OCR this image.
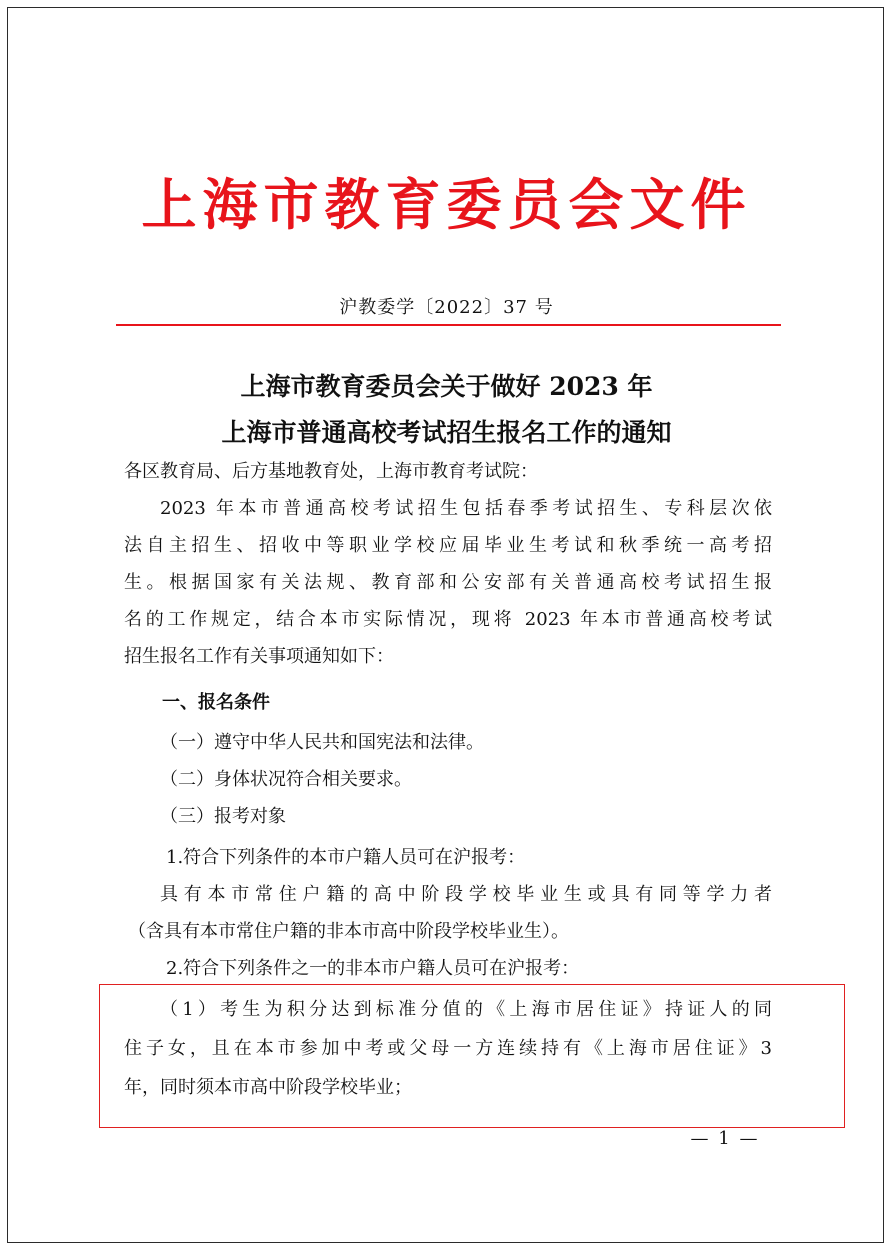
上海市教育委员会文件
沪教委学〔2022〕37 号
上海市教育委员会关于做好 2023 年
上海市普通高校考试招生报名工作的通知
各区教育局、后方基地教育处，上海市教育考试院：
2023 年本市普通高校考试招生包括春季考试招生、专科层次依
法自主招生、招收中等职业学校应届毕业生考试和秋季统一高考招
生。根据国家有关法规、教育部和公安部有关普通高校考试招生报
名的工作规定，结合本市实际情况，现将 2023 年本市普通高校考试
招生报名工作有关事项通知如下：
一、报名条件
（一）遵守中华人民共和国宪法和法律。
（二）身体状况符合相关要求。
（三）报考对象
1.符合下列条件的本市户籍人员可在沪报考：
具有本市常住户籍的高中阶段学校毕业生或具有同等学力者
（含具有本市常住户籍的非本市高中阶段学校毕业生）。
2.符合下列条件之一的非本市户籍人员可在沪报考：
（1）考生为积分达到标准分值的《上海市居住证》持证人的同
住子女，且在本市参加中考或父母一方连续持有《上海市居住证》3
年，同时须本市高中阶段学校毕业；
— 1 —
